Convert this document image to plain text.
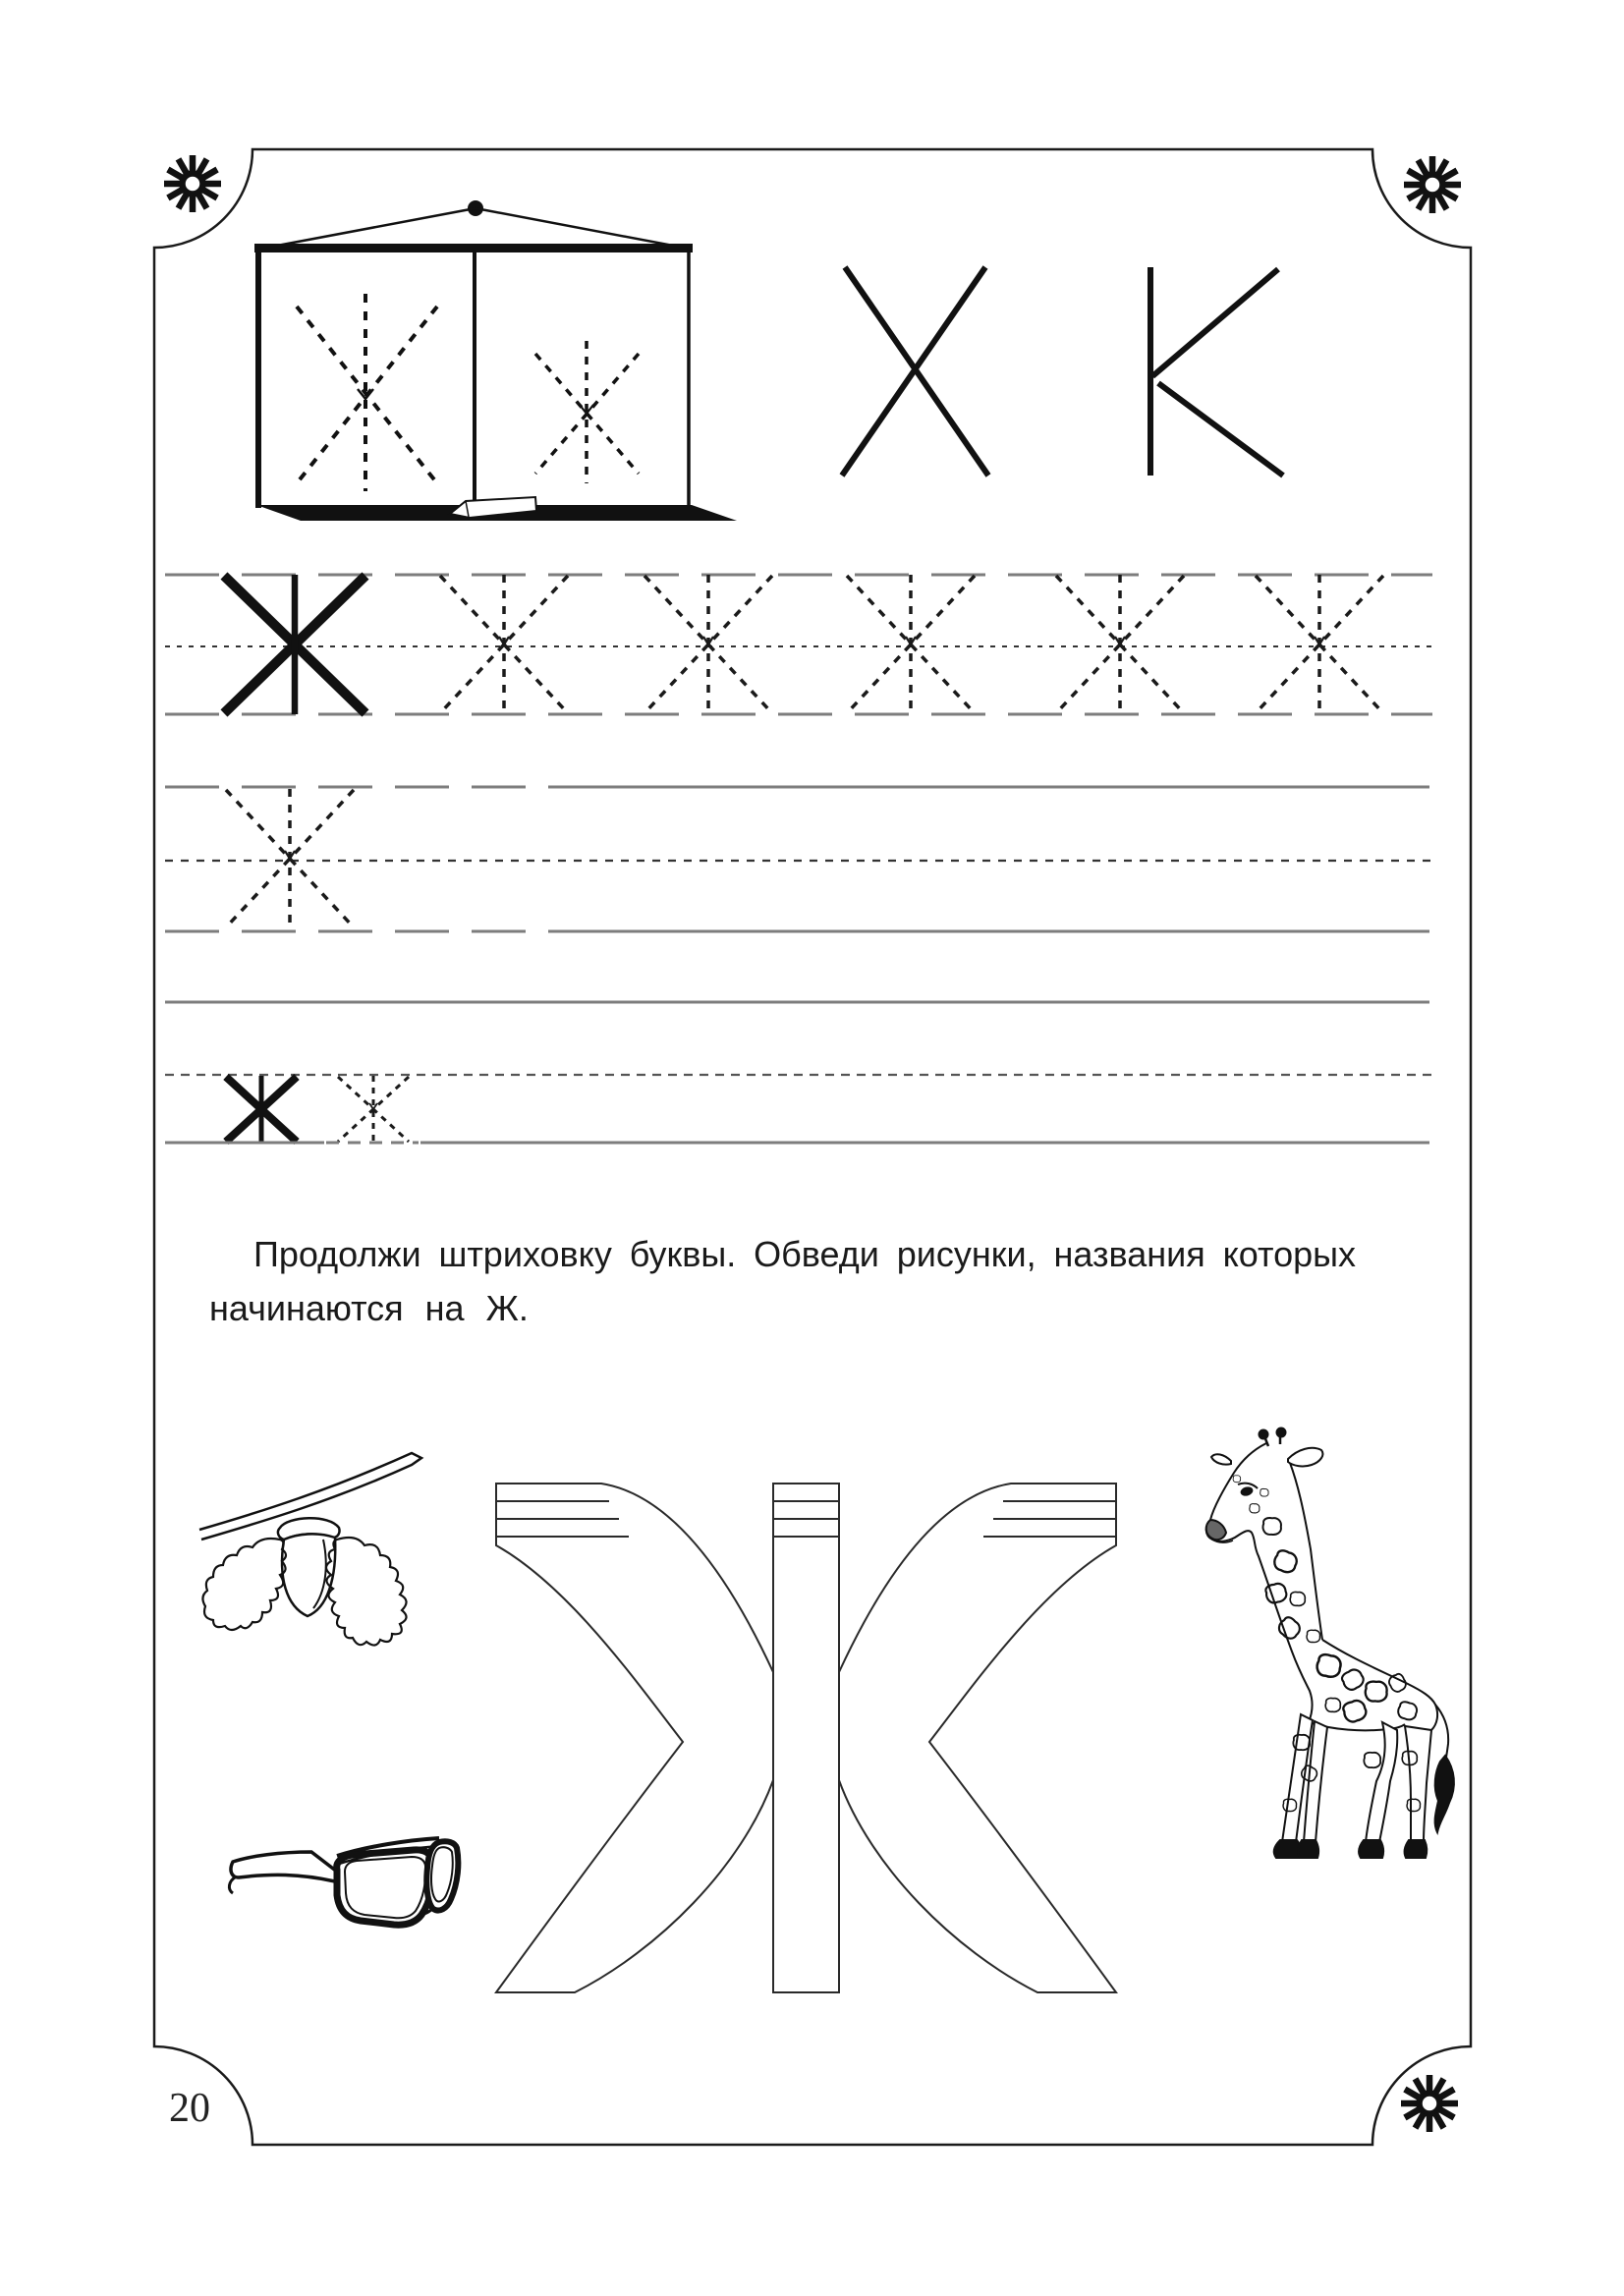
Продолжи штриховку буквы. Обведи рисунки, названия которых
начинаются на Ж.
20
